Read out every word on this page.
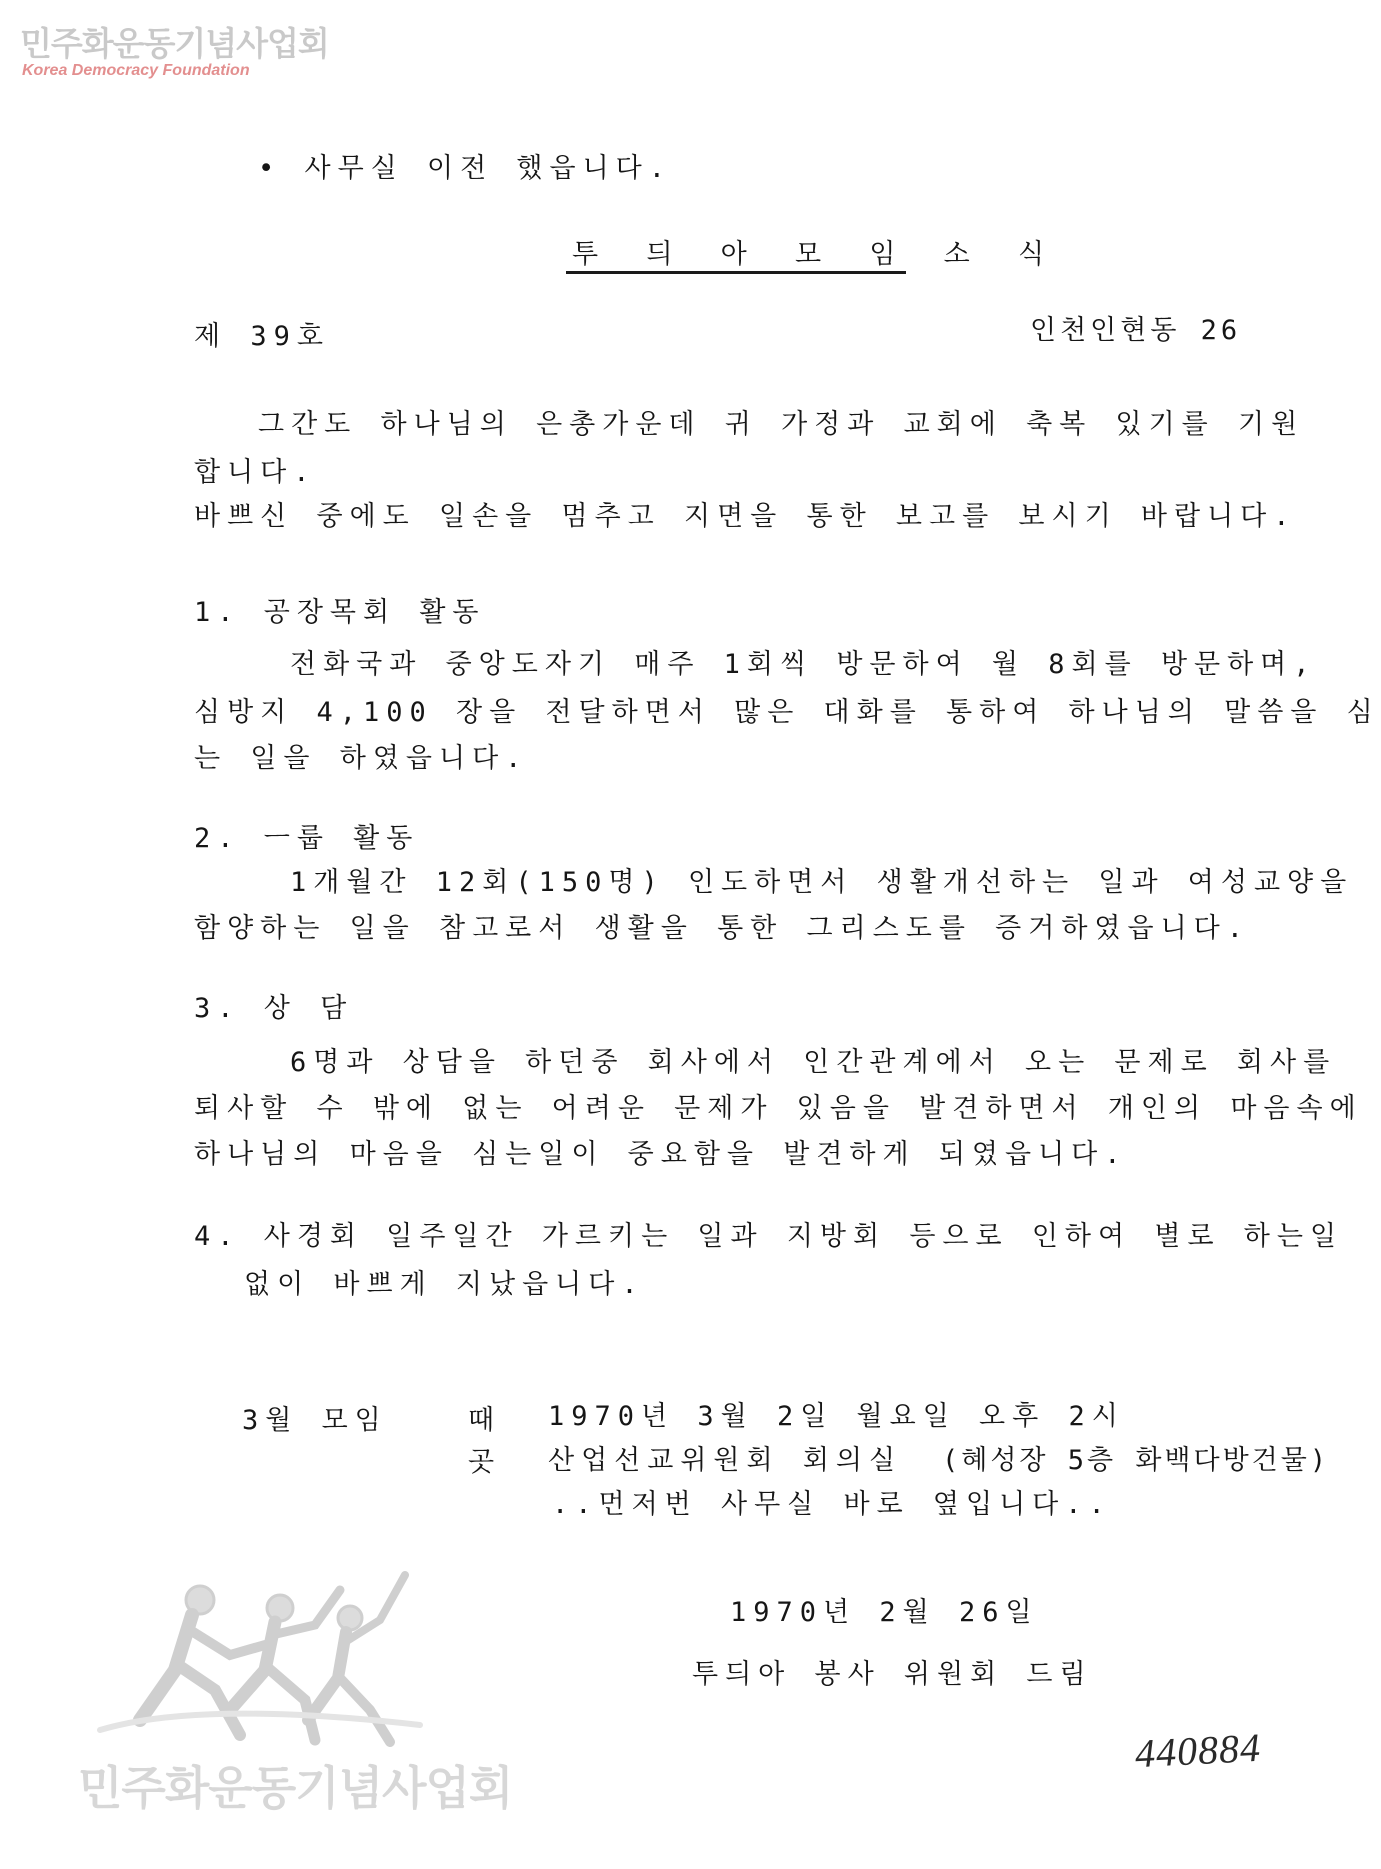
민주화운동기념사업회
Korea Democracy Foundation
• 사무실 이전 했읍니다.
투 듸 아 모 임 소 식
제 39호	인천인현동 26
그간도 하나님의 은총가운데 귀 가정과 교회에 축복 있기를 기원
합니다.
바쁘신 중에도 일손을 멈추고 지면을 통한 보고를 보시기 바랍니다.
1. 공장목회 활동
전화국과 중앙도자기 매주 1회씩 방문하여 월 8회를 방문하며,
심방지 4,100 장을 전달하면서 많은 대화를 통하여 하나님의 말씀을 심
는 일을 하였읍니다.
2. ㅡ룹 활동
1개월간 12회(150명) 인도하면서 생활개선하는 일과 여성교양을
함양하는 일을 참고로서 생활을 통한 그리스도를 증거하였읍니다.
3. 상 담
6명과 상담을 하던중 회사에서 인간관계에서 오는 문제로 회사를
퇴사할 수 밖에 없는 어려운 문제가 있음을 발견하면서 개인의 마음속에
하나님의 마음을 심는일이 중요함을 발견하게 되였읍니다.
4. 사경회 일주일간 가르키는 일과 지방회 등으로 인하여 별로 하는일
없이 바쁘게 지났읍니다.
3월 모임	때 1970년 3월 2일 월요일 오후 2시
곳 산업선교위원회 회의실 (혜성장 5층 화백다방건물)
..먼저번 사무실 바로 옆입니다..
1970년 2월 26일
투듸아 봉사 위원회 드림
440884
민주화운동기념사업회
